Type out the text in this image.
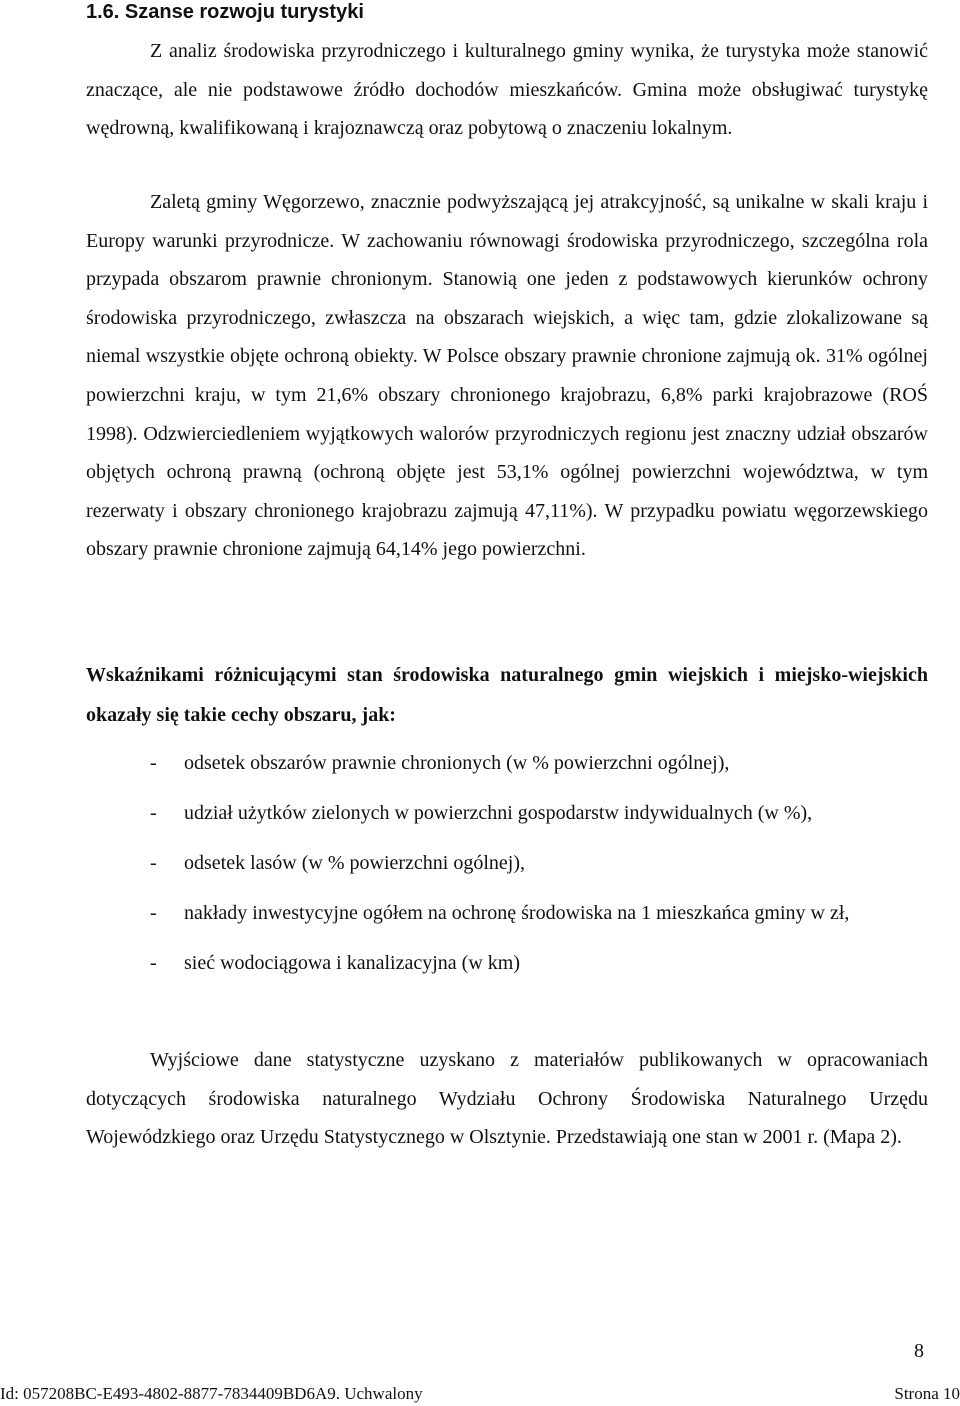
1.6. Szanse rozwoju turystyki

Z analiz środowiska przyrodniczego i kulturalnego gminy wynika, że turystyka może stanowić znaczące, ale nie podstawowe źródło dochodów mieszkańców. Gmina może obsługiwać turystykę wędrowną, kwalifikowaną i krajoznawczą oraz pobytową o znaczeniu lokalnym.

Zaletą gminy Węgorzewo, znacznie podwyższającą jej atrakcyjność, są unikalne w skali kraju i Europy warunki przyrodnicze. W zachowaniu równowagi środowiska przyrodniczego, szczególna rola przypada obszarom prawnie chronionym. Stanowią one jeden z podstawowych kierunków ochrony środowiska przyrodniczego, zwłaszcza na obszarach wiejskich, a więc tam, gdzie zlokalizowane są niemal wszystkie objęte ochroną obiekty. W Polsce obszary prawnie chronione zajmują ok. 31% ogólnej powierzchni kraju, w tym 21,6% obszary chronionego krajobrazu, 6,8% parki krajobrazowe (ROŚ 1998). Odzwierciedleniem wyjątkowych walorów przyrodniczych regionu jest znaczny udział obszarów objętych ochroną prawną (ochroną objęte jest 53,1% ogólnej powierzchni województwa, w tym rezerwaty i obszary chronionego krajobrazu zajmują 47,11%). W przypadku powiatu węgorzewskiego obszary prawnie chronione zajmują 64,14% jego powierzchni.

Wskaźnikami różnicującymi stan środowiska naturalnego gmin wiejskich i miejsko-wiejskich okazały się takie cechy obszaru, jak:

- odsetek obszarów prawnie chronionych (w % powierzchni ogólnej),
- udział użytków zielonych w powierzchni gospodarstw indywidualnych (w %),
- odsetek lasów (w % powierzchni ogólnej),
- nakłady inwestycyjne ogółem na ochronę środowiska na 1 mieszkańca gminy w zł,
- sieć wodociągowa i kanalizacyjna (w km)

Wyjściowe dane statystyczne uzyskano z materiałów publikowanych w opracowaniach dotyczących środowiska naturalnego Wydziału Ochrony Środowiska Naturalnego Urzędu Wojewódzkiego oraz Urzędu Statystycznego w Olsztynie. Przedstawiają one stan w 2001 r. (Mapa 2).

8
Id: 057208BC-E493-4802-8877-7834409BD6A9. Uchwalony	Strona 10
